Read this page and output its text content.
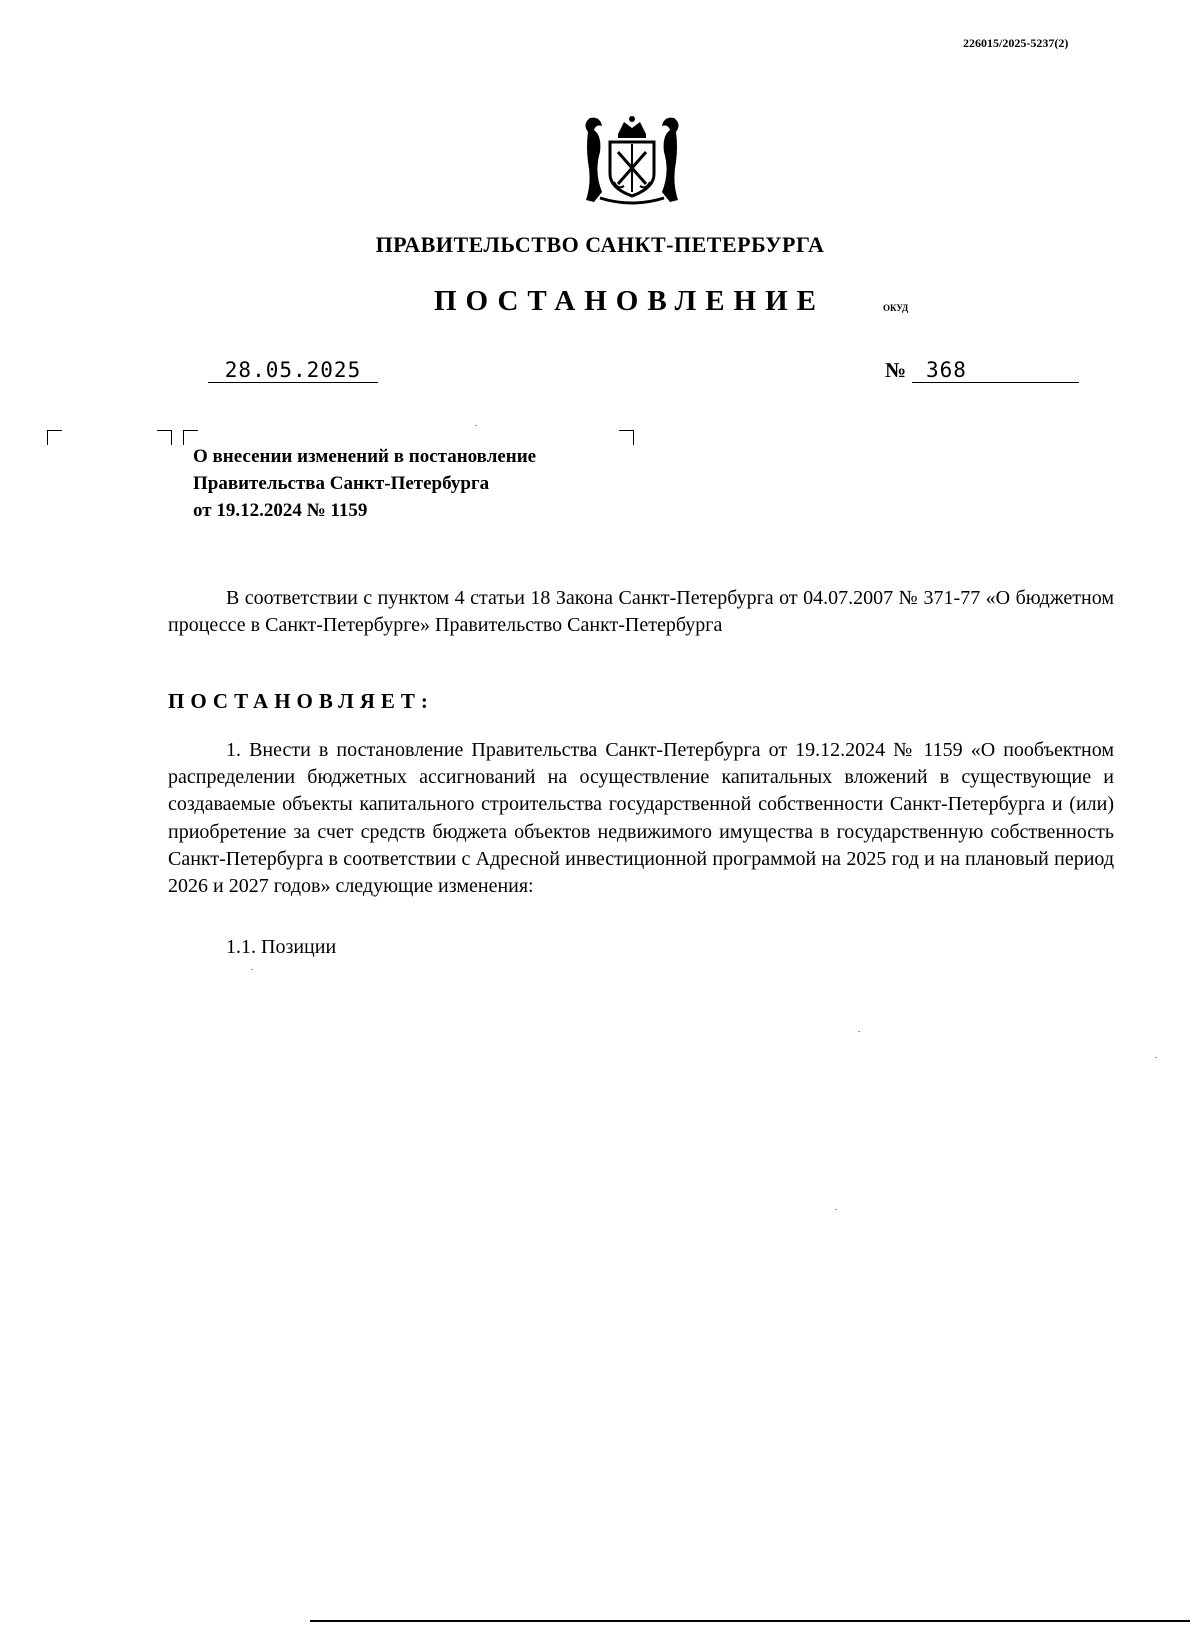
226015/2025-5237(2)
ПРАВИТЕЛЬСТВО САНКТ-ПЕТЕРБУРГА
ПОСТАНОВЛЕНИЕ	ОКУД
28.05.2025	№ 368
О внесении изменений в постановление
Правительства Санкт-Петербурга
от 19.12.2024 № 1159
В соответствии с пунктом 4 статьи 18 Закона Санкт-Петербурга от 04.07.2007 № 371-77 «О бюджетном процессе в Санкт-Петербурге» Правительство Санкт-Петербурга
ПОСТАНОВЛЯЕТ:
1. Внести в постановление Правительства Санкт-Петербурга от 19.12.2024 № 1159 «О пообъектном распределении бюджетных ассигнований на осуществление капитальных вложений в существующие и создаваемые объекты капитального строительства государственной собственности Санкт-Петербурга и (или) приобретение за счет средств бюджета объектов недвижимого имущества в государственную собственность Санкт-Петербурга в соответствии с Адресной инвестиционной программой на 2025 год и на плановый период 2026 и 2027 годов» следующие изменения:
1.1. Позиции
